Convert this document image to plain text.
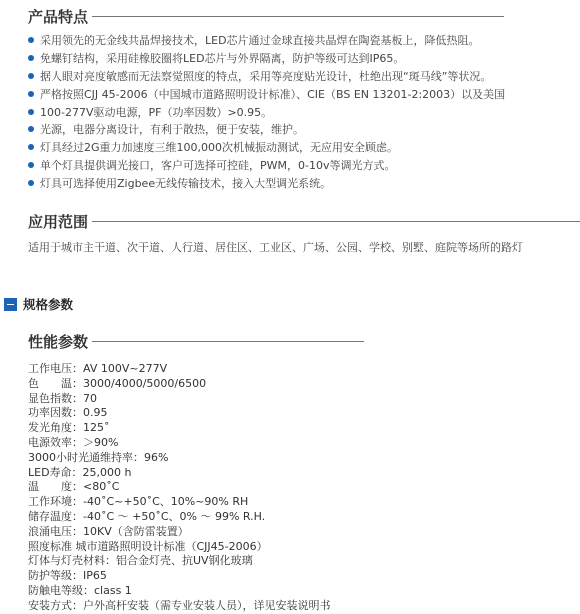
产品特点
采用领先的无金线共晶焊接技术，LED芯片通过金球直接共晶焊在陶瓷基板上，降低热阻。
免螺钉结构，采用硅橡胶圈将LED芯片与外界隔离，防护等级可达到IP65。
据人眼对亮度敏感而无法察觉照度的特点，采用等亮度贴光设计，杜绝出现“斑马线”等状况。
严格按照CJJ 45-2006（中国城市道路照明设计标准）、CIE（BS EN 13201-2:2003）以及美国
100-277V驱动电源，PF（功率因数）>0.95。
光源，电器分离设计，有利于散热，便于安装，维护。
灯具经过2G重力加速度三维100,000次机械振动测试，无应用安全顾虑。
单个灯具提供调光接口，客户可选择可控硅，PWM，0-10v等调光方式。
灯具可选择使用Zigbee无线传输技术，接入大型调光系统。
应用范围
适用于城市主干道、次干道、人行道、居住区、工业区、广场、公园、学校、别墅、庭院等场所的路灯
规格参数
性能参数
工作电压：AV 100V~277V
色　　温：3000/4000/5000/6500
显色指数：70
功率因数：0.95
发光角度：125˚
电源效率：＞90%
3000小时光通维持率：96%
LED寿命：25,000 h
温　　度：<80˚C
工作环境：-40˚C~+50˚C、10%~90% RH
储存温度：-40˚C ～ +50˚C、0% ～ 99% R.H.
浪涌电压：10KV（含防雷装置）
照度标准 城市道路照明设计标准（CJJ45-2006）
灯体与灯壳材料：铝合金灯壳、抗UV钢化玻璃
防护等级：IP65
防触电等级：class 1
安装方式：户外高杆安装（需专业安装人员），详见安装说明书
